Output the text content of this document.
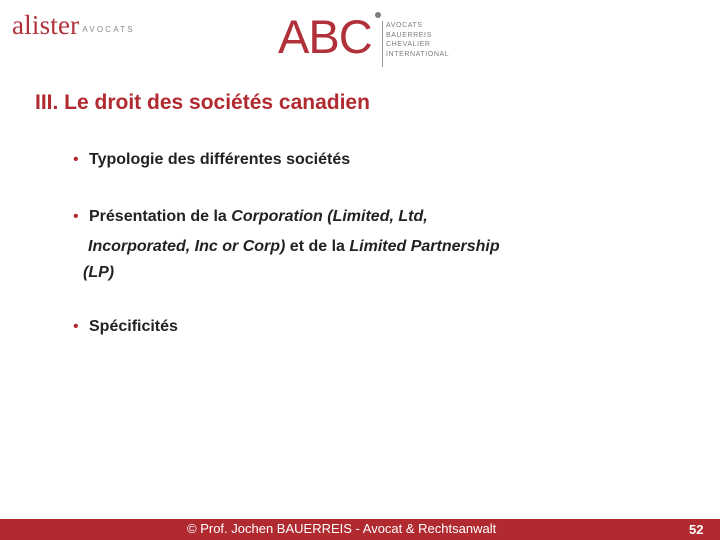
alister AVOCATS	ABC AVOCATS
BAUERREIS
CHEVALIER
INTERNATIONAL
III. Le droit des sociétés canadien
• Typologie des différentes sociétés
• Présentation de la Corporation (Limited, Ltd,
Incorporated, Inc or Corp) et de la Limited Partnership
(LP)
• Spécificités
© Prof. Jochen BAUERREIS - Avocat & Rechtsanwalt	52
